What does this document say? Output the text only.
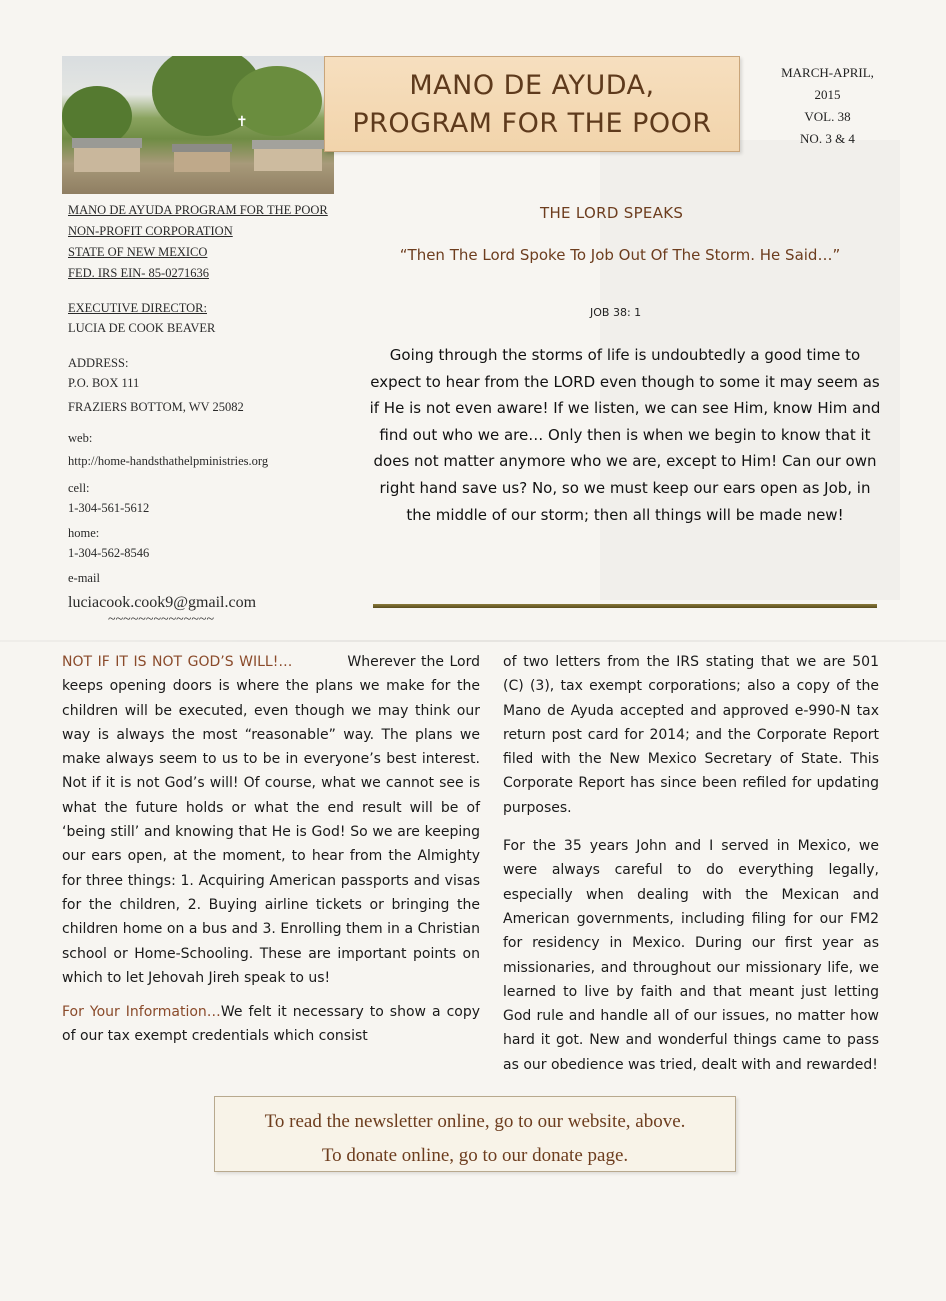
✝
MANO DE AYUDA,
PROGRAM FOR THE POOR
MARCH-APRIL,
2015
VOL. 38
NO. 3 & 4
MANO DE AYUDA PROGRAM FOR THE POOR
NON-PROFIT CORPORATION
STATE OF NEW MEXICO
FED. IRS EIN- 85-0271636
EXECUTIVE DIRECTOR:
LUCIA DE COOK BEAVER
ADDRESS:
P.O. BOX 111
FRAZIERS BOTTOM, WV 25082
web:
http://home-handsthathelpministries.org
cell:
1-304-561-5612
home:
1-304-562-8546
e-mail
luciacook.cook9@gmail.com
~~~~~~~~~~~~~~
THE LORD SPEAKS
“Then The Lord Spoke To Job Out Of The Storm. He Said…”
JOB 38: 1
Going through the storms of life is undoubtedly a good time to expect to hear from the LORD even though to some it may seem as if He is not even aware! If we listen, we can see Him, know Him and find out who we are… Only then is when we begin to know that it does not matter anymore who we are, except to Him! Can our own right hand save us? No, so we must keep our ears open as Job, in the middle of our storm; then all things will be made new!
NOT IF IT IS NOT GOD’S WILL!…	Wherever the Lord keeps opening doors is where the plans we make for the children will be executed, even though we may think our way is always the most “reasonable” way. The plans we make always seem to us to be in everyone’s best interest. Not if it is not God’s will! Of course, what we cannot see is what the future holds or what the end result will be of ‘being still’ and knowing that He is God! So we are keeping our ears open, at the moment, to hear from the Almighty for three things: 1. Acquiring American passports and visas for the children, 2. Buying airline tickets or bringing the children home on a bus and 3. Enrolling them in a Christian school or Home-Schooling. These are important points on which to let Jehovah Jireh speak to us!
For Your Information…We felt it necessary to show a copy of our tax exempt credentials which consist
of two letters from the IRS stating that we are 501 (C) (3), tax exempt corporations; also a copy of the Mano de Ayuda accepted and approved e-990-N tax return post card for 2014; and the Corporate Report filed with the New Mexico Secretary of State. This Corporate Report has since been refiled for updating purposes.
For the 35 years John and I served in Mexico, we were always careful to do everything legally, especially when dealing with the Mexican and American governments, including filing for our FM2 for residency in Mexico. During our first year as missionaries, and throughout our missionary life, we learned to live by faith and that meant just letting God rule and handle all of our issues, no matter how hard it got. New and wonderful things came to pass as our obedience was tried, dealt with and rewarded!
To read the newsletter online, go to our website, above.
To donate online, go to our donate page.
